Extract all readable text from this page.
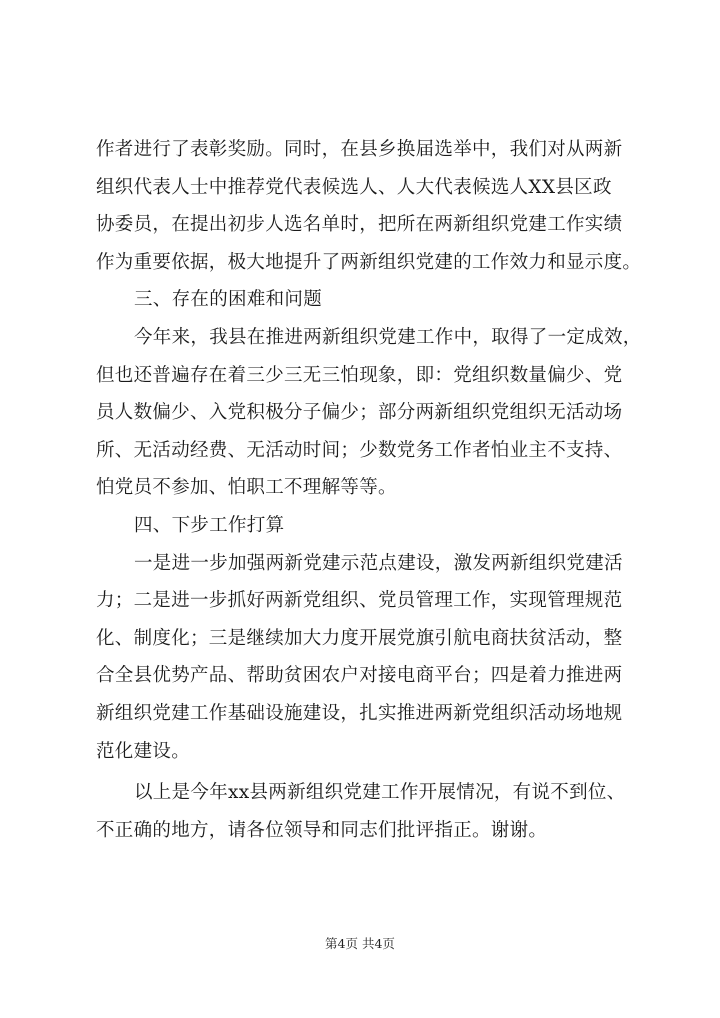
作者进行了表彰奖励。同时，在县乡换届选举中，我们对从两新
组织代表人士中推荐党代表候选人、人大代表候选人XX县区政
协委员，在提出初步人选名单时，把所在两新组织党建工作实绩
作为重要依据，极大地提升了两新组织党建的工作效力和显示度。
三、存在的困难和问题
今年来，我县在推进两新组织党建工作中，取得了一定成效，
但也还普遍存在着三少三无三怕现象，即：党组织数量偏少、党
员人数偏少、入党积极分子偏少；部分两新组织党组织无活动场
所、无活动经费、无活动时间；少数党务工作者怕业主不支持、
怕党员不参加、怕职工不理解等等。
四、下步工作打算
一是进一步加强两新党建示范点建设，激发两新组织党建活
力；二是进一步抓好两新党组织、党员管理工作，实现管理规范
化、制度化；三是继续加大力度开展党旗引航电商扶贫活动，整
合全县优势产品、帮助贫困农户对接电商平台；四是着力推进两
新组织党建工作基础设施建设，扎实推进两新党组织活动场地规
范化建设。
以上是今年xx县两新组织党建工作开展情况，有说不到位、
不正确的地方，请各位领导和同志们批评指正。谢谢。
第4页 共4页
